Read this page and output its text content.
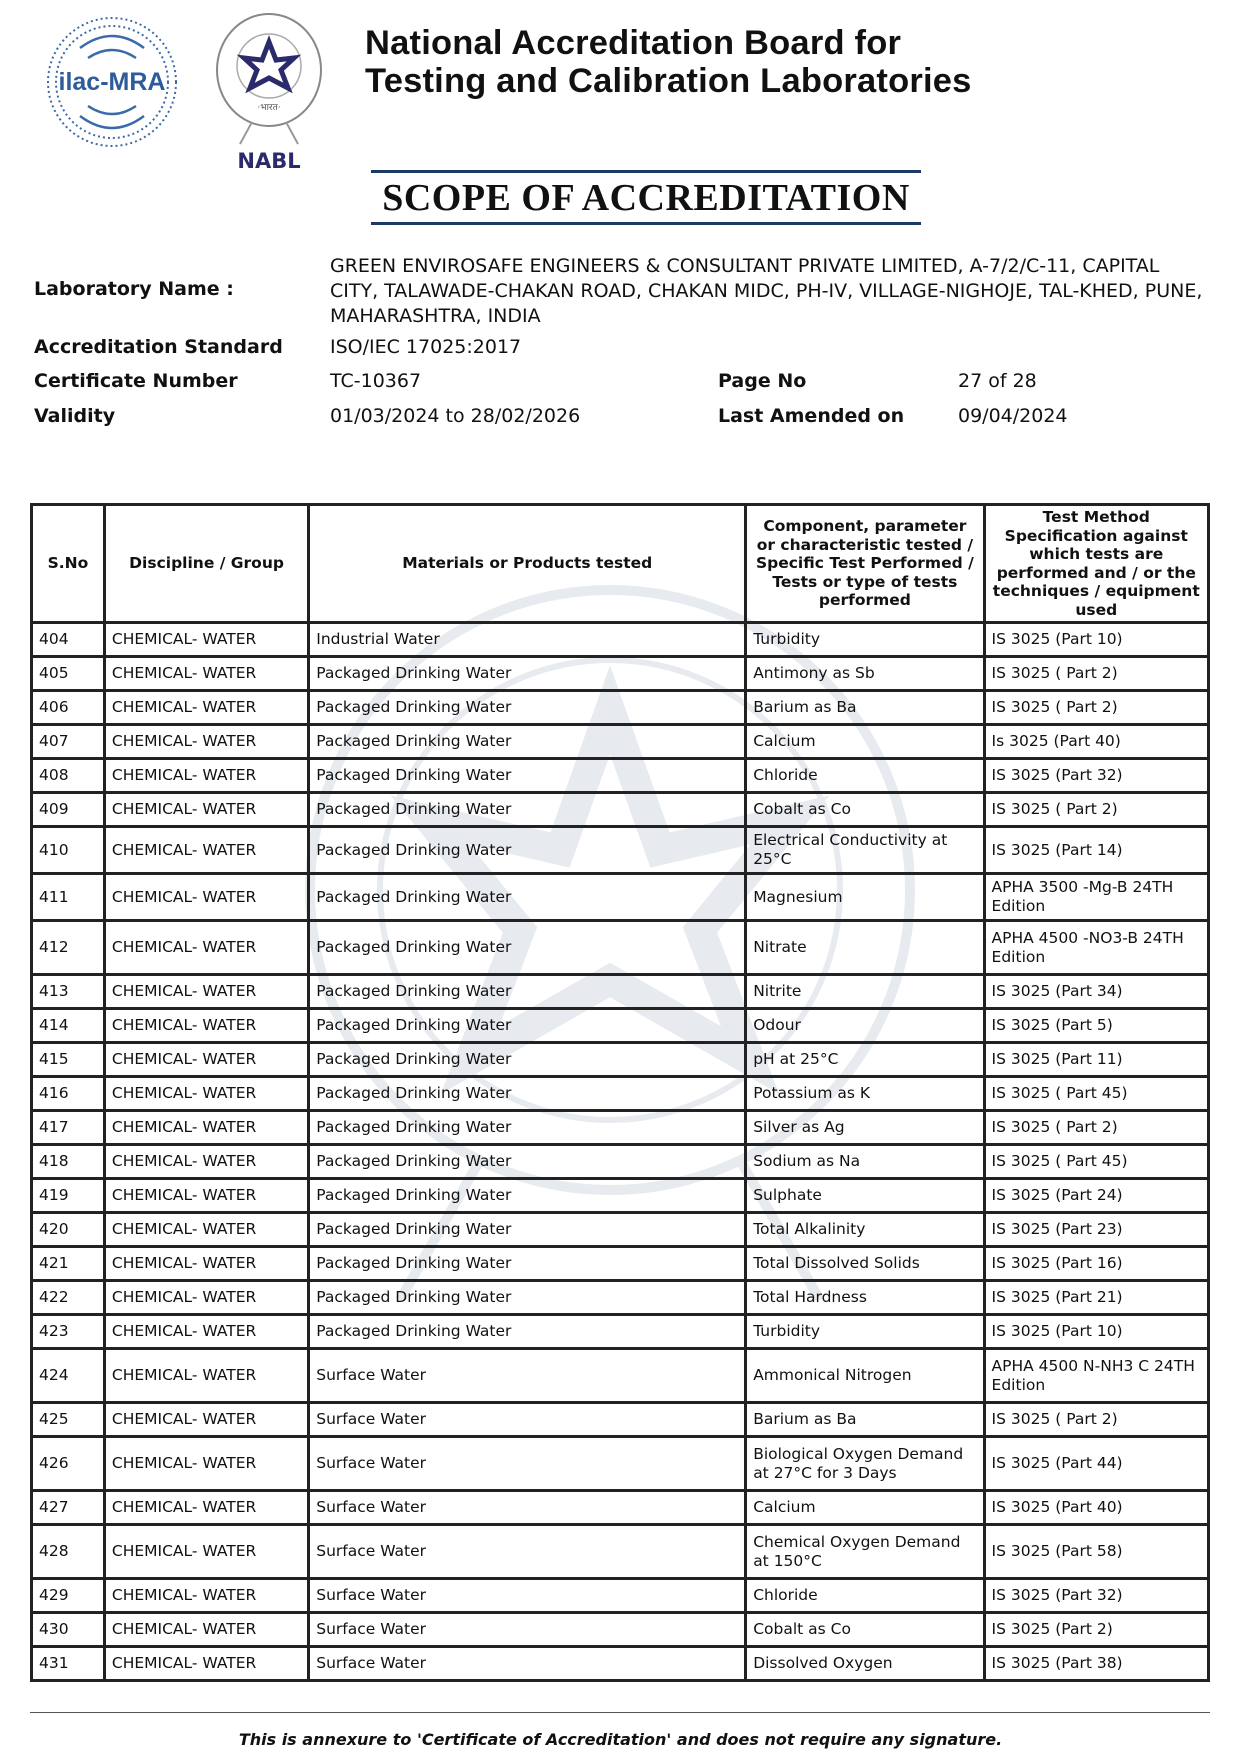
ilac-MRA
·भारत·
NABL
National Accreditation Board for
Testing and Calibration Laboratories
SCOPE OF ACCREDITATION
Laboratory Name :
GREEN ENVIROSAFE ENGINEERS & CONSULTANT PRIVATE LIMITED, A-7/2/C-11, CAPITAL CITY, TALAWADE-CHAKAN ROAD, CHAKAN MIDC, PH-IV, VILLAGE-NIGHOJE, TAL-KHED, PUNE, MAHARASHTRA, INDIA
Accreditation Standard ISO/IEC 17025:2017
Certificate Number	TC-10367	Page No	27 of 28
Validity	01/03/2024 to 28/02/2026	Last Amended on	09/04/2024
S.No	Discipline / Group	Materials or Products tested	Component, parameter or characteristic tested / Specific Test Performed / Tests or type of tests performed	Test Method Specification against which tests are performed and / or the techniques / equipment used
404	CHEMICAL- WATER	Industrial Water	Turbidity	IS 3025 (Part 10)
405	CHEMICAL- WATER	Packaged Drinking Water	Antimony as Sb	IS 3025 ( Part 2)
406	CHEMICAL- WATER	Packaged Drinking Water	Barium as Ba	IS 3025 ( Part 2)
407	CHEMICAL- WATER	Packaged Drinking Water	Calcium	Is 3025 (Part 40)
408	CHEMICAL- WATER	Packaged Drinking Water	Chloride	IS 3025 (Part 32)
409	CHEMICAL- WATER	Packaged Drinking Water	Cobalt as Co	IS 3025 ( Part 2)
410	CHEMICAL- WATER	Packaged Drinking Water	Electrical Conductivity at 25°C	IS 3025 (Part 14)
411	CHEMICAL- WATER	Packaged Drinking Water	Magnesium	APHA 3500 -Mg-B 24TH Edition
412	CHEMICAL- WATER	Packaged Drinking Water	Nitrate	APHA 4500 -NO3-B 24TH Edition
413	CHEMICAL- WATER	Packaged Drinking Water	Nitrite	IS 3025 (Part 34)
414	CHEMICAL- WATER	Packaged Drinking Water	Odour	IS 3025 (Part 5)
415	CHEMICAL- WATER	Packaged Drinking Water	pH at 25°C	IS 3025 (Part 11)
416	CHEMICAL- WATER	Packaged Drinking Water	Potassium as K	IS 3025 ( Part 45)
417	CHEMICAL- WATER	Packaged Drinking Water	Silver as Ag	IS 3025 ( Part 2)
418	CHEMICAL- WATER	Packaged Drinking Water	Sodium as Na	IS 3025 ( Part 45)
419	CHEMICAL- WATER	Packaged Drinking Water	Sulphate	IS 3025 (Part 24)
420	CHEMICAL- WATER	Packaged Drinking Water	Total Alkalinity	IS 3025 (Part 23)
421	CHEMICAL- WATER	Packaged Drinking Water	Total Dissolved Solids	IS 3025 (Part 16)
422	CHEMICAL- WATER	Packaged Drinking Water	Total Hardness	IS 3025 (Part 21)
423	CHEMICAL- WATER	Packaged Drinking Water	Turbidity	IS 3025 (Part 10)
424	CHEMICAL- WATER	Surface Water	Ammonical Nitrogen	APHA 4500 N-NH3 C 24TH Edition
425	CHEMICAL- WATER	Surface Water	Barium as Ba	IS 3025 ( Part 2)
426	CHEMICAL- WATER	Surface Water	Biological Oxygen Demand at 27°C for 3 Days	IS 3025 (Part 44)
427	CHEMICAL- WATER	Surface Water	Calcium	IS 3025 (Part 40)
428	CHEMICAL- WATER	Surface Water	Chemical Oxygen Demand at 150°C	IS 3025 (Part 58)
429	CHEMICAL- WATER	Surface Water	Chloride	IS 3025 (Part 32)
430	CHEMICAL- WATER	Surface Water	Cobalt as Co	IS 3025 (Part 2)
431	CHEMICAL- WATER	Surface Water	Dissolved Oxygen	IS 3025 (Part 38)
This is annexure to 'Certificate of Accreditation' and does not require any signature.
